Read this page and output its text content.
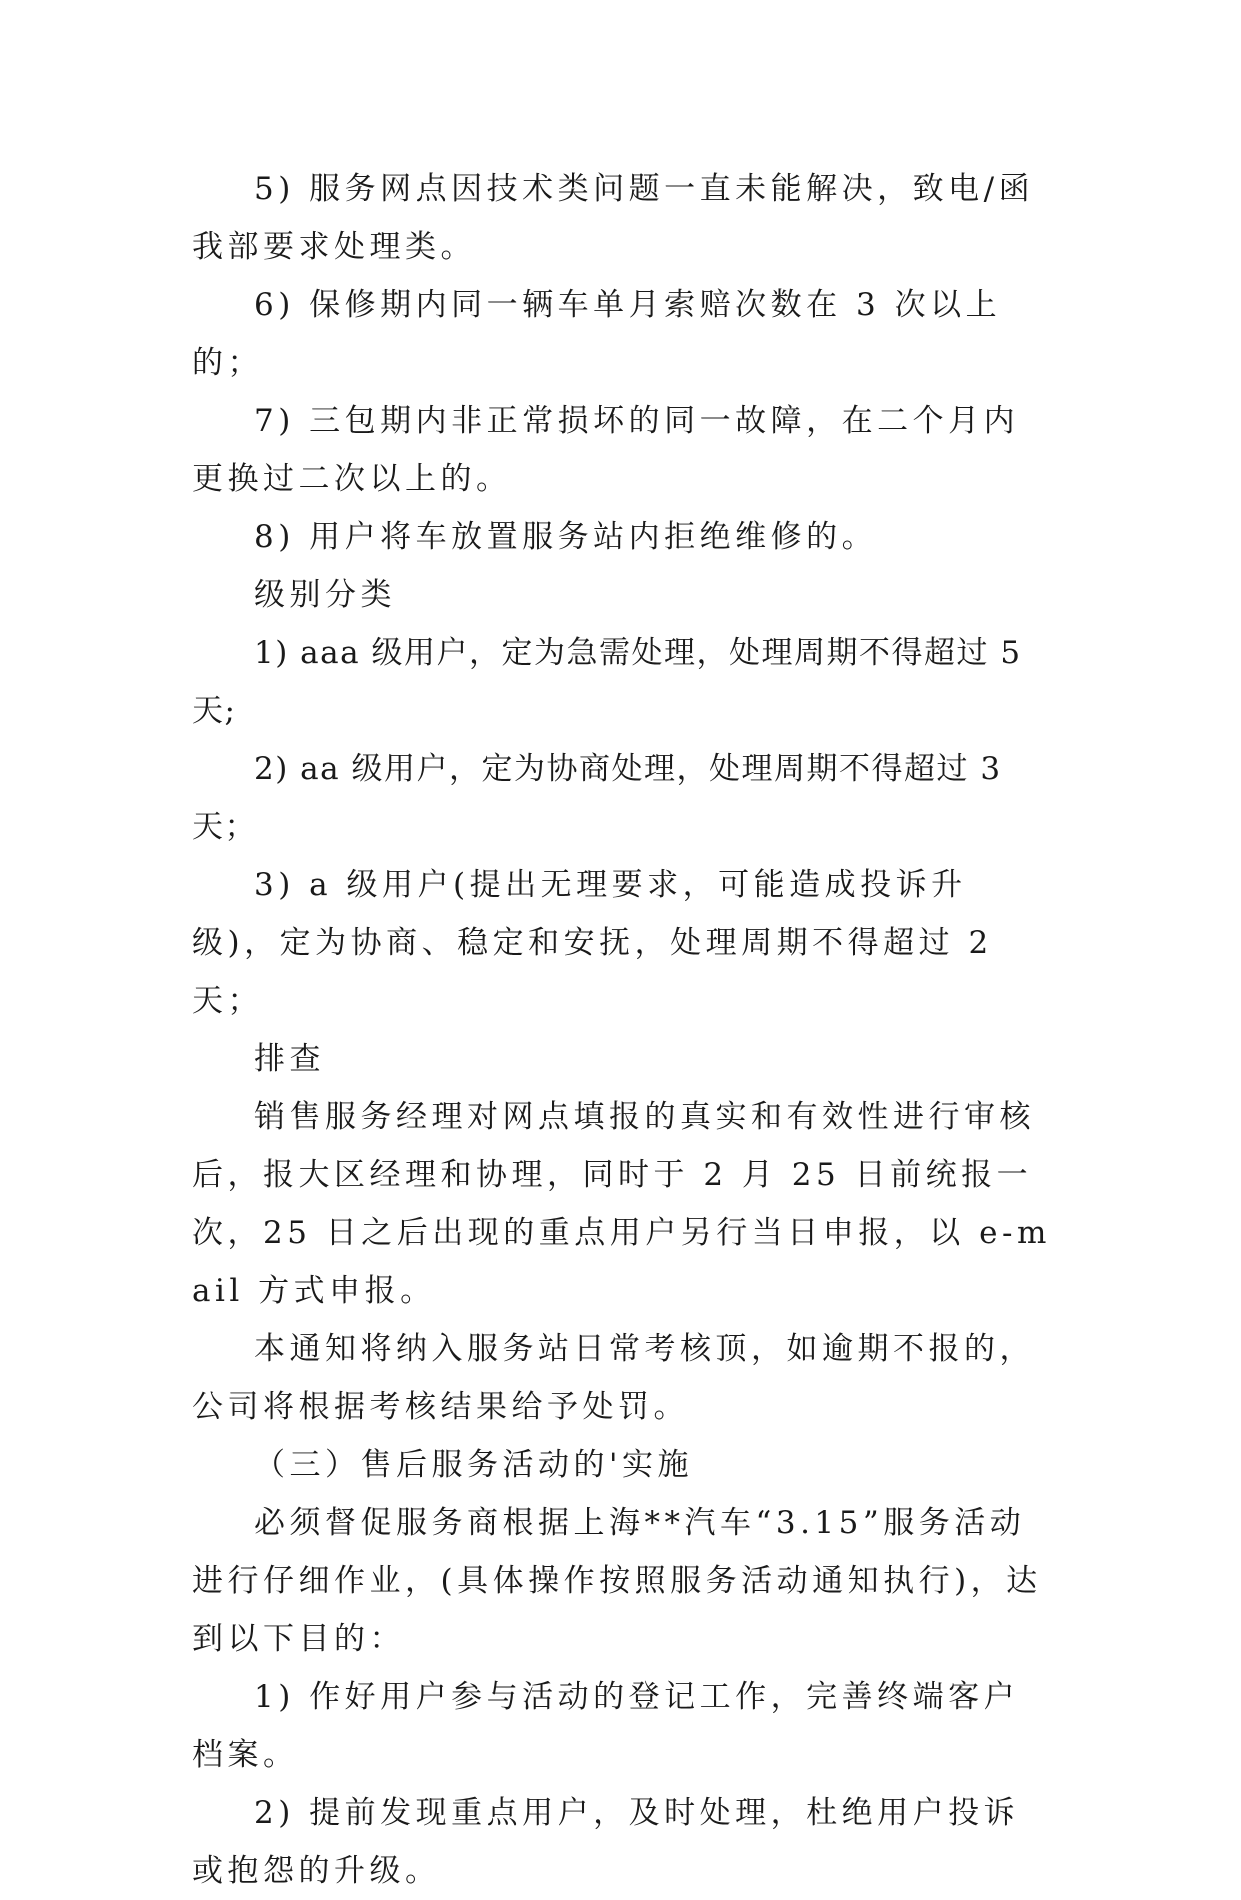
5) 服务网点因技术类问题一直未能解决，致电/函我部要求处理类。

6) 保修期内同一辆车单月索赔次数在 3 次以上的；

7) 三包期内非正常损坏的同一故障，在二个月内更换过二次以上的。

8) 用户将车放置服务站内拒绝维修的。

级别分类

1) aaa 级用户，定为急需处理，处理周期不得超过 5 天;

2) aa 级用户，定为协商处理，处理周期不得超过 3 天；

3) a 级用户(提出无理要求，可能造成投诉升级)，定为协商、稳定和安抚，处理周期不得超过 2 天；

排查

销售服务经理对网点填报的真实和有效性进行审核后，报大区经理和协理，同时于 2 月 25 日前统报一次，25 日之后出现的重点用户另行当日申报，以 e-mail 方式申报。

本通知将纳入服务站日常考核顶，如逾期不报的，公司将根据考核结果给予处罚。

（三）售后服务活动的'实施

必须督促服务商根据上海**汽车“3.15”服务活动进行仔细作业，(具体操作按照服务活动通知执行)，达到以下目的：

1) 作好用户参与活动的登记工作，完善终端客户档案。

2) 提前发现重点用户，及时处理，杜绝用户投诉或抱怨的升级。
